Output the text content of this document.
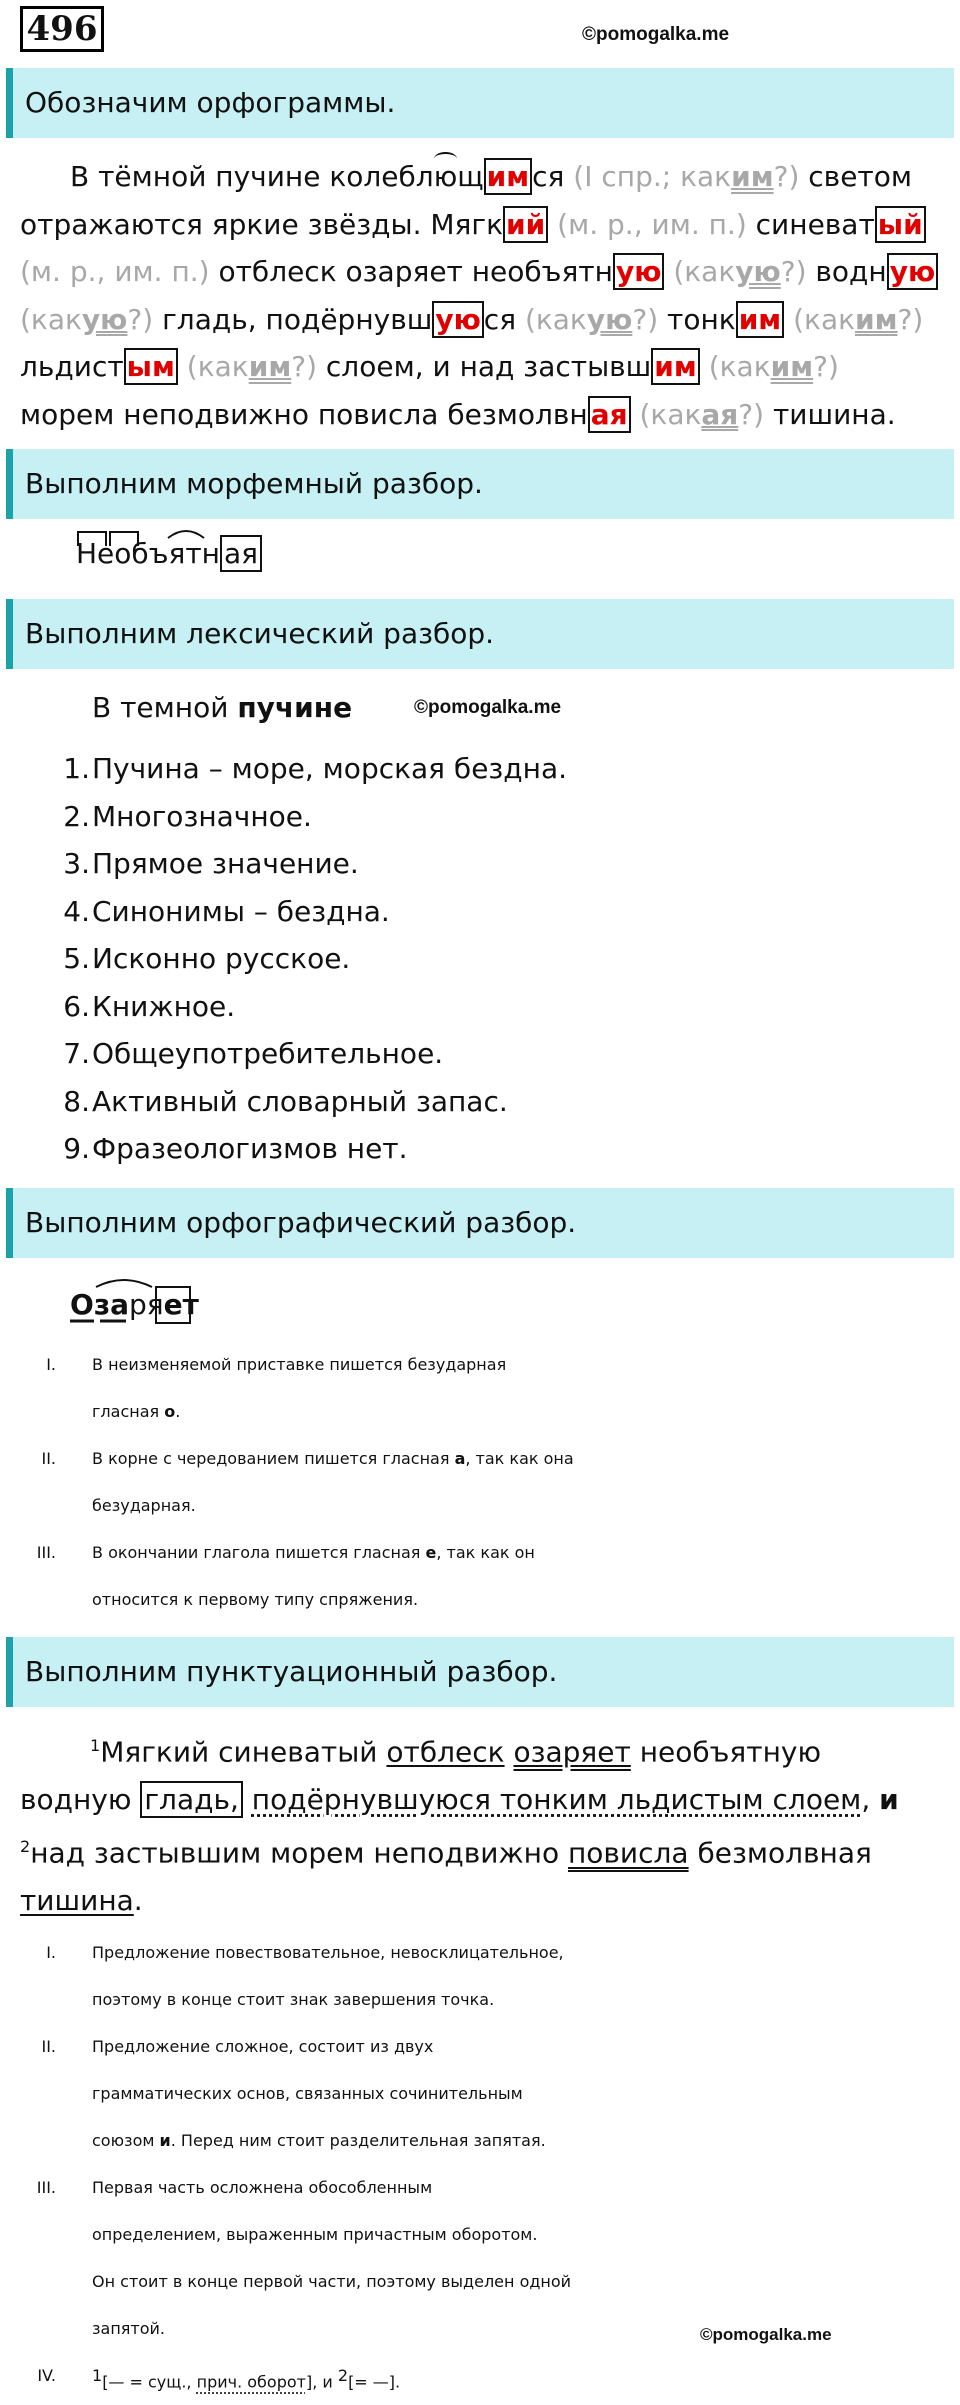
496	©pomogalka.me
Обозначим орфограммы.

В тёмной пучине колеблющ им ся (I спр.; каким?) светом

отражаются яркие звёзды. Мягк ий (м. р., им. п.) синеват ый

(м. р., им. п.) отблеск озаряет необъятн ую (какую?) водн ую

(какую?) гладь, подёрнувш ую ся (какую?) тонк им (каким?)

льдист ым (каким?) слоем, и над застывш им (каким?)

морем неподвижно повисла безмолвн ая (какая?) тишина.

Выполним морфемный разбор.
Необъятн ая
Выполним лексический разбор.
В темной пучине	©pomogalka.me
1. Пучина – море, морская бездна.
2. Многозначное.
3. Прямое значение.
4. Синонимы – бездна.
5. Исконно русское.
6. Книжное.
7. Общеупотребительное.
8. Активный словарный запас.
9. Фразеологизмов нет.
Выполним орфографический разбор.
Озаряет
I. В неизменяемой приставке пишется безударная
гласная о.
II. В корне с чередованием пишется гласная а, так как она
безударная.
III. В окончании глагола пишется гласная е, так как он
относится к первому типу спряжения.
Выполним пунктуационный разбор.

$^1$Мягкий синеватый отблеск озаряет необъятную

водную гладь, подёрнувшуюся тонким льдистым слоем, и

$^2$над застывшим морем неподвижно повисла безмолвная

тишина.

I. Предложение повествовательное, невосклицательное,
поэтому в конце стоит знак завершения точка.
II. Предложение сложное, состоит из двух
грамматических основ, связанных сочинительным
союзом и. Перед ним стоит разделительная запятая.
III. Первая часть осложнена обособленным
определением, выраженным причастным оборотом.
Он стоит в конце первой части, поэтому выделен одной
запятой.
IV. $^1$[— = сущ., прич. оборот], и $^2$[= —].
©pomogalka.me
